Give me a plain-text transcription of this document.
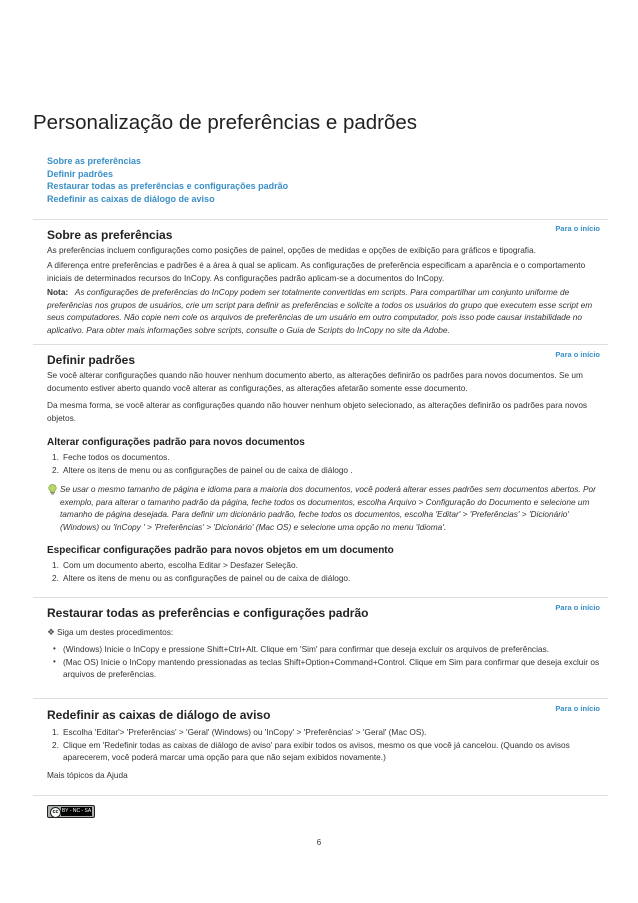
Personalização de preferências e padrões
Sobre as preferências
Definir padrões
Restaurar todas as preferências e configurações padrão
Redefinir as caixas de diálogo de aviso
Para o início
Sobre as preferências

As preferências incluem configurações como posições de painel, opções de medidas e opções de exibição para gráficos e tipografia.

A diferença entre preferências e padrões é a área à qual se aplicam. As configurações de preferência especificam a aparência e o comportamento iniciais de determinados recursos do InCopy. As configurações padrão aplicam-se a documentos do InCopy.

Nota: As configurações de preferências do InCopy podem ser totalmente convertidas em scripts. Para compartilhar um conjunto uniforme de preferências nos grupos de usuários, crie um script para definir as preferências e solicite a todos os usuários do grupo que executem esse script em seus computadores. Não copie nem cole os arquivos de preferências de um usuário em outro computador, pois isso pode causar instabilidade no aplicativo. Para obter mais informações sobre scripts, consulte o Guia de Scripts do InCopy no site da Adobe.

Para o início
Definir padrões

Se você alterar configurações quando não houver nenhum documento aberto, as alterações definirão os padrões para novos documentos. Se um documento estiver aberto quando você alterar as configurações, as alterações afetarão somente esse documento.

Da mesma forma, se você alterar as configurações quando não houver nenhum objeto selecionado, as alterações definirão os padrões para novos objetos.

Alterar configurações padrão para novos documentos
1. Feche todos os documentos.
2. Altere os itens de menu ou as configurações de painel ou de caixa de diálogo .
Se usar o mesmo tamanho de página e idioma para a maioria dos documentos, você poderá alterar esses padrões sem documentos abertos. Por exemplo, para alterar o tamanho padrão da página, feche todos os documentos, escolha Arquivo > Configuração do Documento e selecione um tamanho de página desejada. Para definir um dicionário padrão, feche todos os documentos, escolha 'Editar' > 'Preferências' > 'Dicionário' (Windows) ou 'InCopy ' > 'Preferências' > 'Dicionário' (Mac OS) e selecione uma opção no menu 'Idioma'.
Especificar configurações padrão para novos objetos em um documento
1. Com um documento aberto, escolha Editar > Desfazer Seleção.
2. Altere os itens de menu ou as configurações de painel ou de caixa de diálogo.
Para o início
Restaurar todas as preferências e configurações padrão
❖ Siga um destes procedimentos:
• (Windows) Inicie o InCopy e pressione Shift+Ctrl+Alt. Clique em 'Sim' para confirmar que deseja excluir os arquivos de preferências.
• (Mac OS) Inicie o InCopy mantendo pressionadas as teclas Shift+Option+Command+Control. Clique em Sim para confirmar que deseja excluir os arquivos de preferências.
Para o início
Redefinir as caixas de diálogo de aviso
1. Escolha 'Editar'> 'Preferências' > 'Geral' (Windows) ou 'InCopy' > 'Preferências' > 'Geral' (Mac OS).
2. Clique em 'Redefinir todas as caixas de diálogo de aviso' para exibir todos os avisos, mesmo os que você já cancelou. (Quando os avisos aparecerem, você poderá marcar uma opção para que não sejam exibidos novamente.)

Mais tópicos da Ajuda

cc BY - NC - SA
6
